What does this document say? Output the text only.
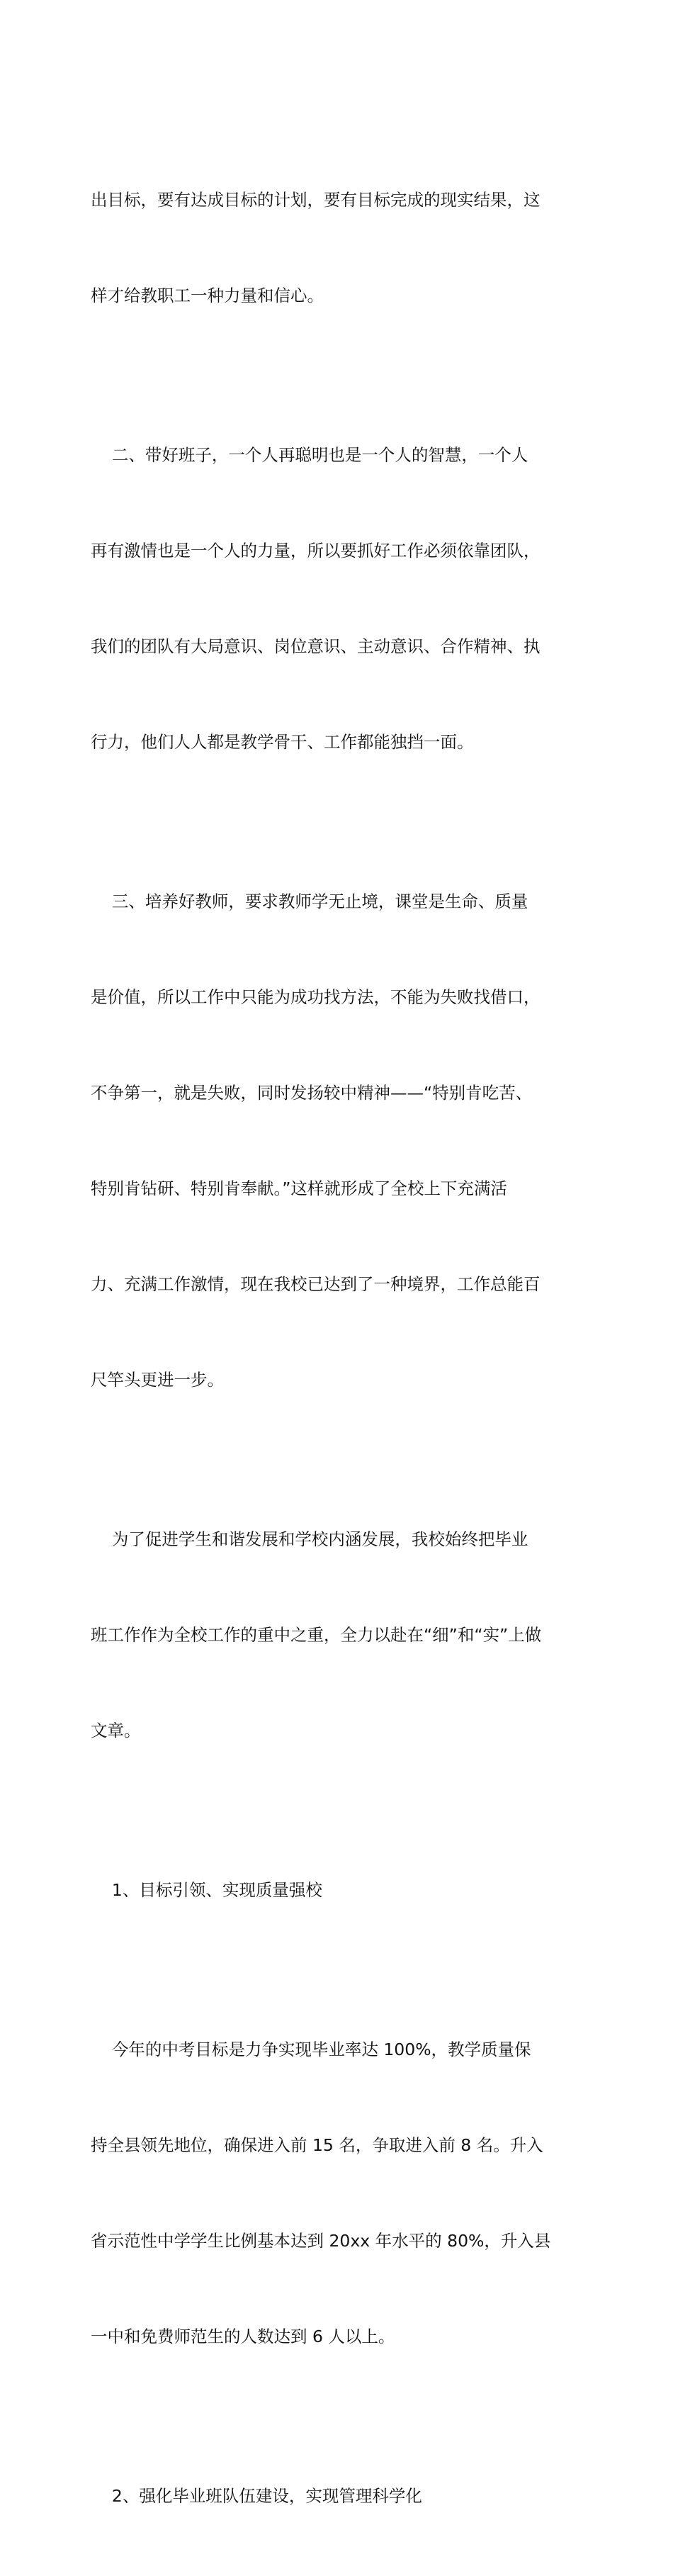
出目标，要有达成目标的计划，要有目标完成的现实结果，这

样才给教职工一种力量和信心。

二、带好班子，一个人再聪明也是一个人的智慧，一个人

再有激情也是一个人的力量，所以要抓好工作必须依靠团队，

我们的团队有大局意识、岗位意识、主动意识、合作精神、执

行力，他们人人都是教学骨干、工作都能独挡一面。

三、培养好教师，要求教师学无止境，课堂是生命、质量

是价值，所以工作中只能为成功找方法，不能为失败找借口，

不争第一，就是失败，同时发扬较中精神——“特别肯吃苦、

特别肯钻研、特别肯奉献。”这样就形成了全校上下充满活

力、充满工作激情，现在我校已达到了一种境界，工作总能百

尺竿头更进一步。

为了促进学生和谐发展和学校内涵发展，我校始终把毕业

班工作作为全校工作的重中之重，全力以赴在“细”和“实”上做

文章。

1、目标引领、实现质量强校

今年的中考目标是力争实现毕业率达 100%，教学质量保

持全县领先地位，确保进入前 15 名，争取进入前 8 名。升入

省示范性中学学生比例基本达到 20xx 年水平的 80%，升入县

一中和免费师范生的人数达到 6 人以上。

2、强化毕业班队伍建设，实现管理科学化
